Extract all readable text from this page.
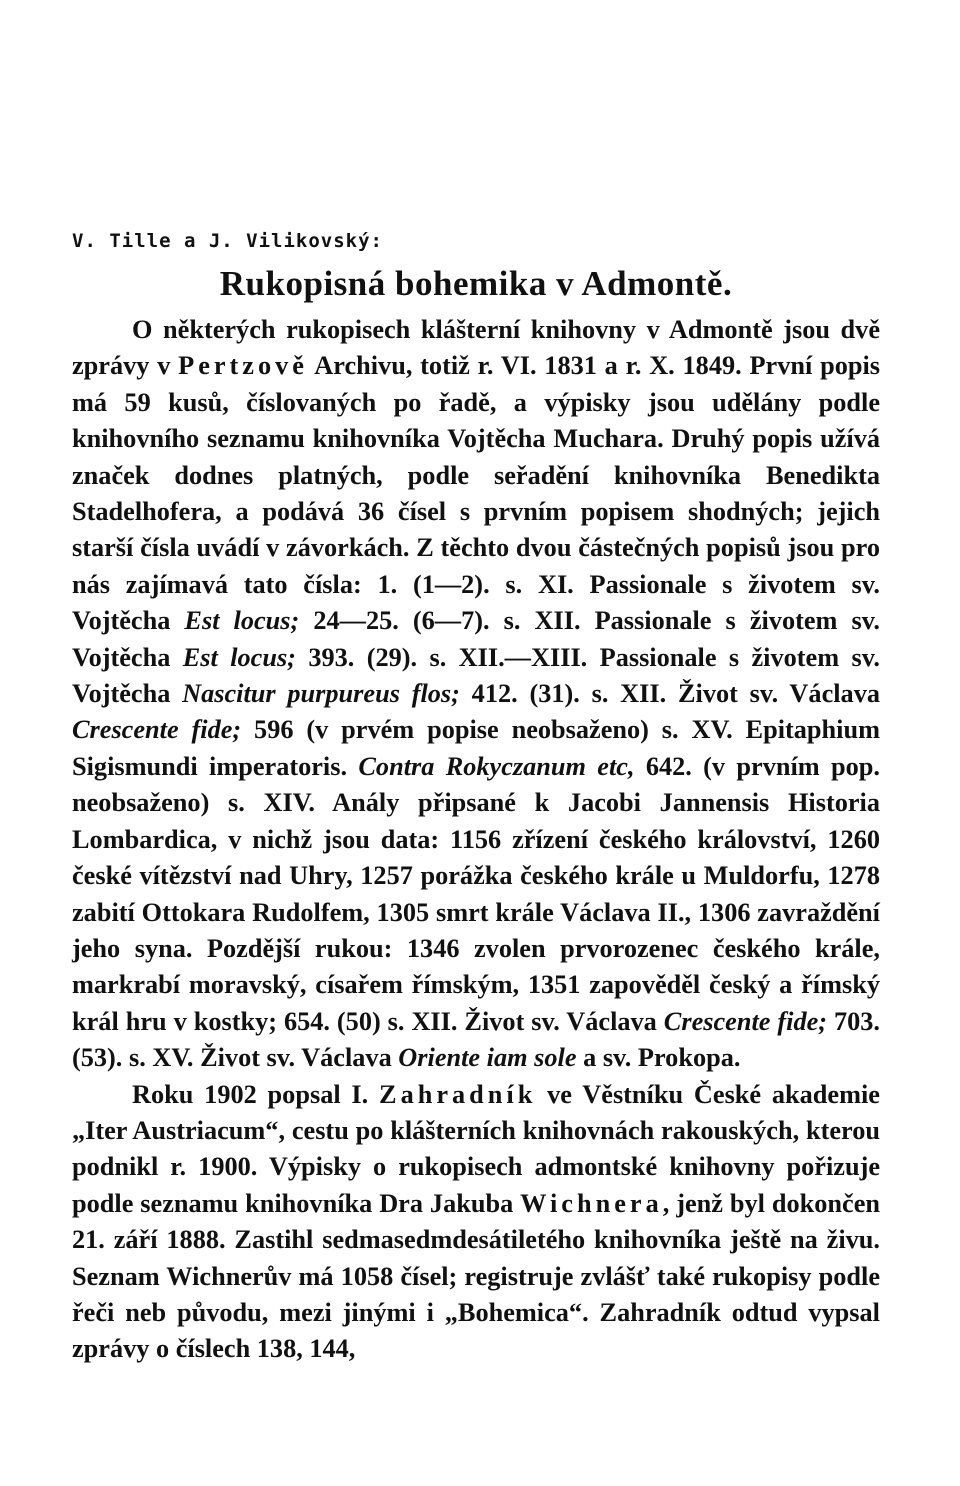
V. Tille a J. Vilikovský:

Rukopisná bohemika v Admontě.

O některých rukopisech klášterní knihovny v Admontě jsou dvě zprávy v Pertzově Archivu, totiž r. VI. 1831 a r. X. 1849. První popis má 59 kusů, číslovaných po řadě, a výpisky jsou udělány podle knihovního seznamu knihovníka Vojtěcha Muchara. Druhý popis užívá značek dodnes platných, podle seřadění knihovníka Benedikta Stadelhofera, a podává 36 čísel s prvním popisem shodných; jejich starší čísla uvádí v závorkách. Z těchto dvou částečných popisů jsou pro nás zajímavá tato čísla: 1. (1—2). s. XI. Passionale s životem sv. Vojtěcha Est locus; 24—25. (6—7). s. XII. Passionale s životem sv. Vojtěcha Est locus; 393. (29). s. XII.—XIII. Passionale s životem sv. Vojtěcha Nascitur purpureus flos; 412. (31). s. XII. Život sv. Václava Crescente fide; 596 (v prvém popise neobsaženo) s. XV. Epitaphium Sigismundi imperatoris. Contra Rokyczanum etc, 642. (v prvním pop. neobsaženo) s. XIV. Anály připsané k Jacobi Jannensis Historia Lombardica, v nichž jsou data: 1156 zřízení českého království, 1260 české vítězství nad Uhry, 1257 porážka českého krále u Muldorfu, 1278 zabití Ottokara Rudolfem, 1305 smrt krále Václava II., 1306 zavraždění jeho syna. Pozdější rukou: 1346 zvolen prvorozenec českého krále, markrabí moravský, císařem římským, 1351 zapověděl český a římský král hru v kostky; 654. (50) s. XII. Život sv. Václava Crescente fide; 703. (53). s. XV. Život sv. Václava Oriente iam sole a sv. Prokopa.

Roku 1902 popsal I. Zahradník ve Věstníku České akademie „Iter Austriacum“, cestu po klášterních knihovnách rakouských, kterou podnikl r. 1900. Výpisky o rukopisech admontské knihovny pořizuje podle seznamu knihovníka Dra Jakuba Wichnera, jenž byl dokončen 21. září 1888. Zastihl sedmasedmdesátiletého knihovníka ještě na živu. Seznam Wichnerův má 1058 čísel; registruje zvlášť také rukopisy podle řeči neb původu, mezi jinými i „Bohemica“. Zahradník odtud vypsal zprávy o číslech 138, 144,
